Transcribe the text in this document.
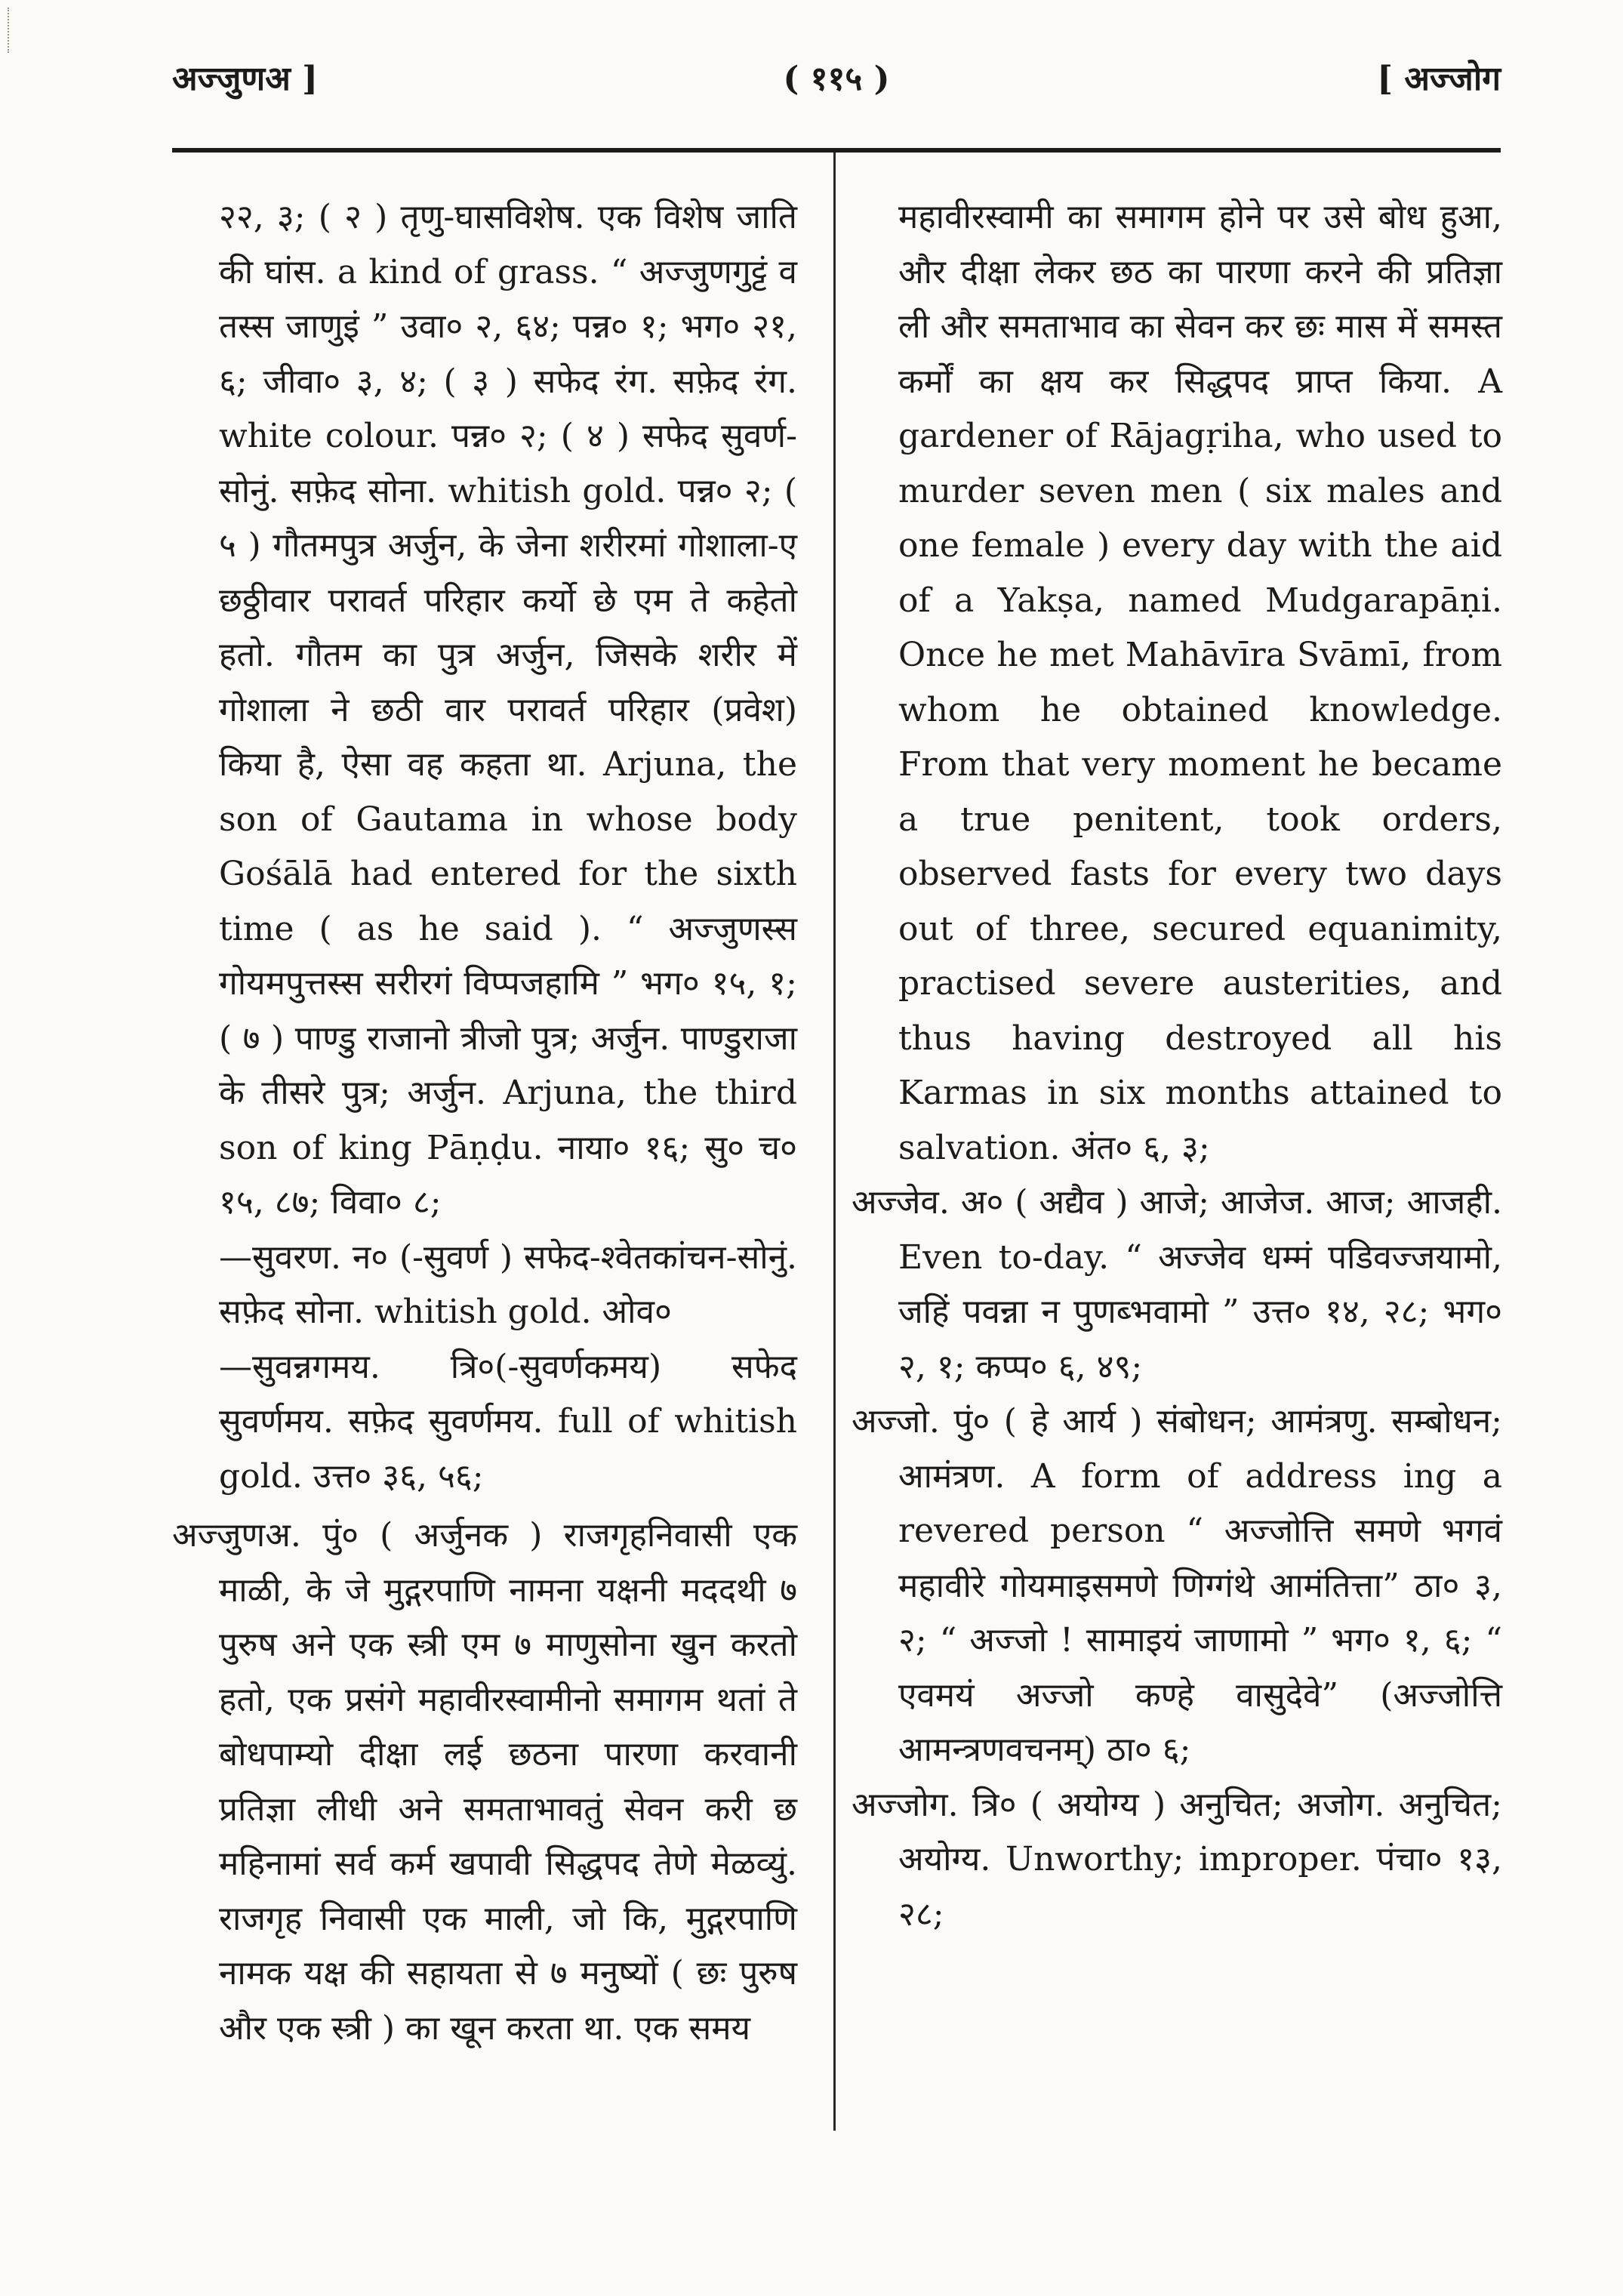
अज्जुणअ ]	( ११५ )	[ अज्जोग

२२, ३; ( २ ) तृणु-घासविशेष. एक विशेष जाति की घांस. a kind of grass. “ अज्जुणगुट्टं व तस्स जाणुइं ” उवा० २, ६४; पन्न० १; भग० २१, ६; जीवा० ३, ४; ( ३ ) सफेद रंग. सफ़ेद रंग. white colour. पन्न० २; ( ४ ) सफेद सुवर्ण-सोनुं. सफ़ेद सोना. whitish gold. पन्न० २; ( ५ ) गौतमपुत्र अर्जुन, के जेना शरीरमां गोशाला-ए छठ्ठीवार परावर्त परिहार कर्यो छे एम ते कहेतो हतो. गौतम का पुत्र अर्जुन, जिसके शरीर में गोशाला ने छठी वार परावर्त परिहार (प्रवेश) किया है, ऐसा वह कहता था. Arjuna, the son of Gautama in whose body Gośālā had entered for the sixth time ( as he said ). “ अज्जुणस्स गोयमपुत्तस्स सरीरगं विप्पजहामि ” भग० १५, १; ( ७ ) पाण्डु राजानो त्रीजो पुत्र; अर्जुन. पाण्डुराजा के तीसरे पुत्र; अर्जुन. Arjuna, the third son of king Pāṇḍu. नाया० १६; सु० च० १५, ८७; विवा० ८;

—सुवरण. न० (-सुवर्ण ) सफेद-श्वेतकांचन-सोनुं. सफ़ेद सोना. whitish gold. ओव०

—सुवन्नगमय. त्रि०(-सुवर्णकमय) सफेद सुवर्णमय. सफ़ेद सुवर्णमय. full of whitish gold. उत्त० ३६, ५६;

अज्जुणअ. पुं० ( अर्जुनक ) राजगृहनिवासी एक माळी, के जे मुद्गरपाणि नामना यक्षनी मददथी ७ पुरुष अने एक स्त्री एम ७ माणुसोना खुन करतो हतो, एक प्रसंगे महावीरस्वामीनो समागम थतां ते बोधपाम्यो दीक्षा लई छठना पारणा करवानी प्रतिज्ञा लीधी अने समताभावतुं सेवन करी छ महिनामां सर्व कर्म खपावी सिद्धपद तेणे मेळव्युं. राजगृह निवासी एक माली, जो कि, मुद्गरपाणि नामक यक्ष की सहायता से ७ मनुष्यों ( छः पुरुष और एक स्त्री ) का खून करता था. एक समय

महावीरस्वामी का समागम होने पर उसे बोध हुआ, और दीक्षा लेकर छठ का पारणा करने की प्रतिज्ञा ली और समताभाव का सेवन कर छः मास में समस्त कर्मों का क्षय कर सिद्धपद प्राप्त किया. A gardener of Rājagṛiha, who used to murder seven men ( six males and one female ) every day with the aid of a Yakṣa, named Mudgarapāṇi. Once he met Mahāvīra Svāmī, from whom he obtained knowledge. From that very moment he became a true penitent, took orders, observed fasts for every two days out of three, secured equanimity, practised severe austerities, and thus having destroyed all his Karmas in six months attained to salvation. अंत० ६, ३;

अज्जेव. अ० ( अद्यैव ) आजे; आजेज. आज; आजही. Even to-day. “ अज्जेव धम्मं पडिवज्जयामो, जहिं पवन्ना न पुणब्भवामो ” उत्त० १४, २८; भग० २, १; कप्प० ६, ४९;

अज्जो. पुं० ( हे आर्य ) संबोधन; आमंत्रणु. सम्बोधन; आमंत्रण. A form of address ing a revered person “ अज्जोत्ति समणे भगवं महावीरे गोयमाइसमणे णिग्गंथे आमंतित्ता” ठा० ३, २; “ अज्जो ! सामाइयं जाणामो ” भग० १, ६; “ एवमयं अज्जो कण्हे वासुदेवे” (अज्जोत्ति आमन्त्रणवचनम्) ठा० ६;

अज्जोग. त्रि० ( अयोग्य ) अनुचित; अजोग. अनुचित; अयोग्य. Unworthy; improper. पंचा० १३, २८;
